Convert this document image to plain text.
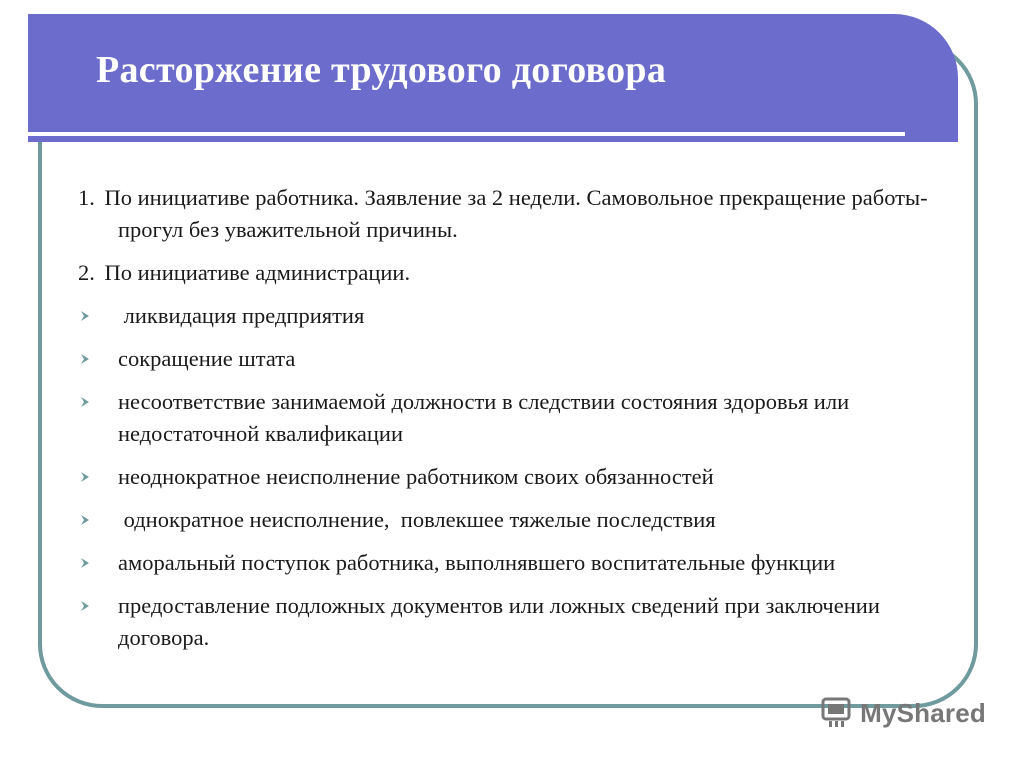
Расторжение трудового договора
1. По инициативе работника. Заявление за 2 недели. Самовольное прекращение работы- прогул без уважительной причины.
2. По инициативе администрации.
ликвидация предприятия
сокращение штата
несоответствие занимаемой должности в следствии состояния здоровья или недостаточной квалификации
неоднократное неисполнение работником своих обязанностей
однократное неисполнение,  повлекшее тяжелые последствия
аморальный поступок работника, выполнявшего воспитательные функции
предоставление подложных документов или ложных сведений при заключении договора.
MyShared
